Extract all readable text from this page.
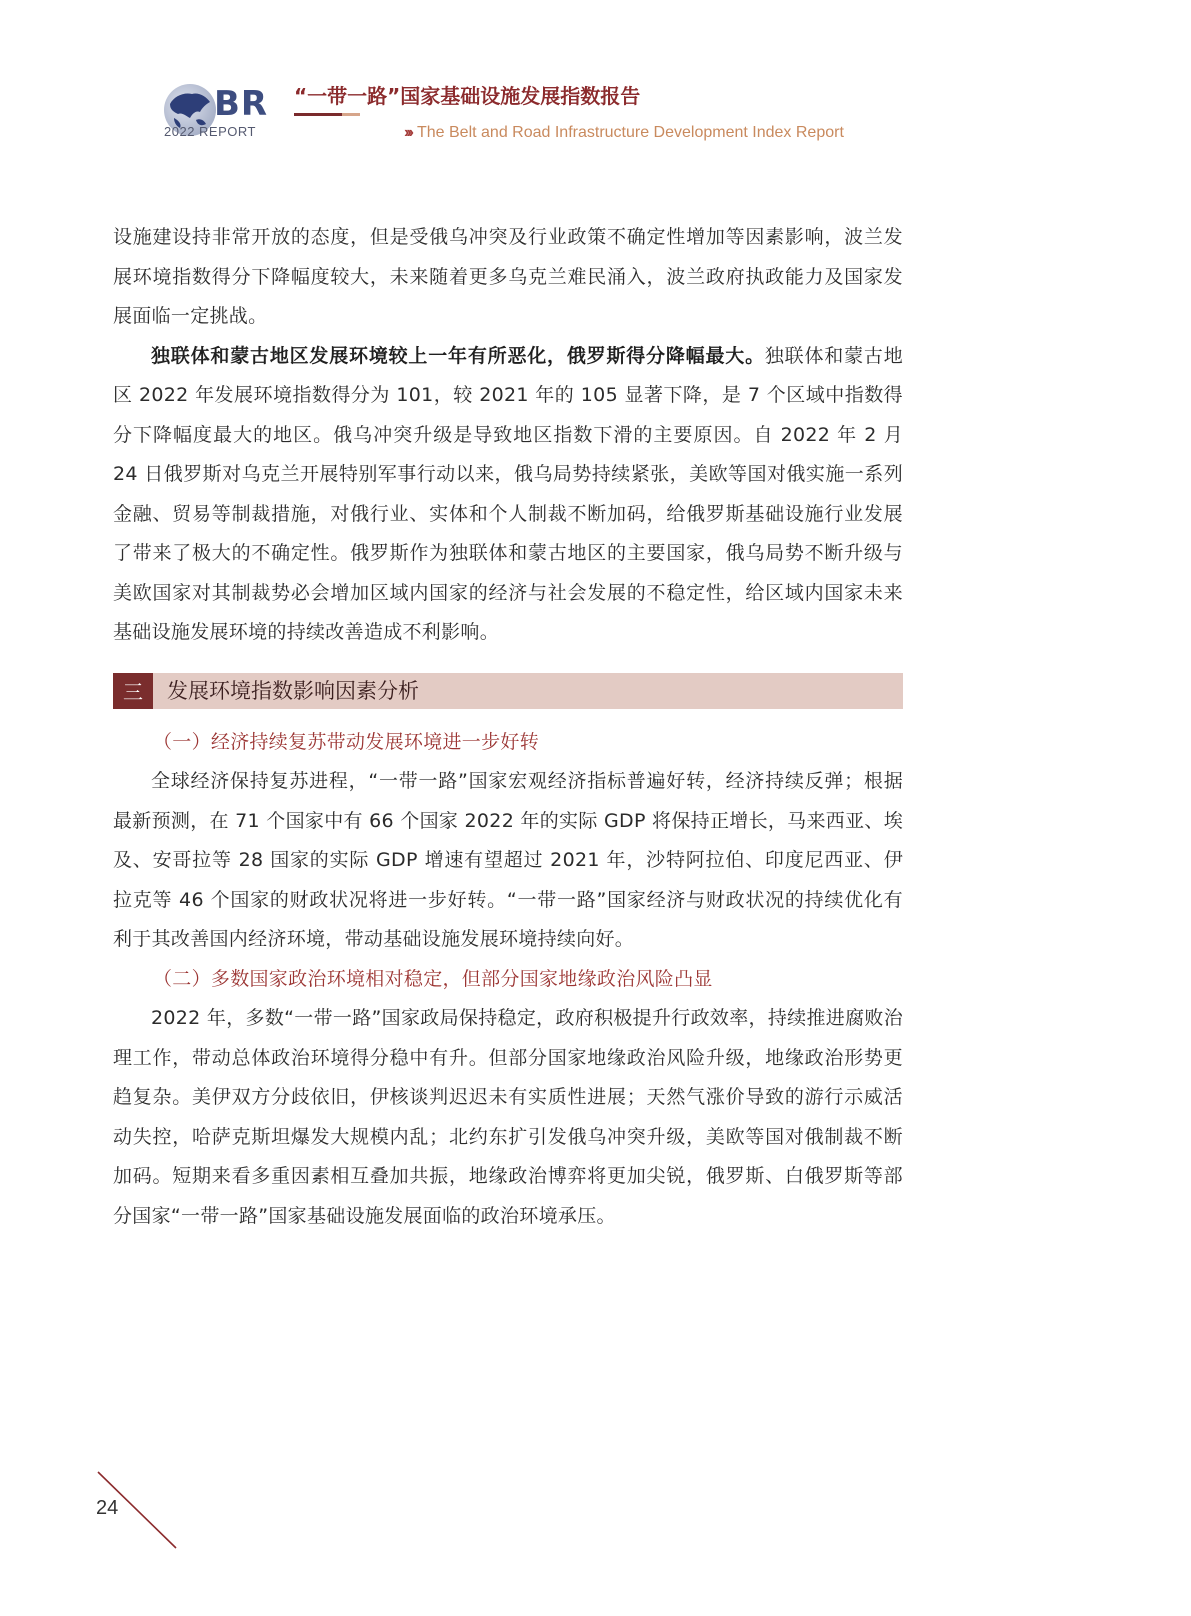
BR
2022 REPORT
“一带一路”国家基础设施发展指数报告
››› The Belt and Road Infrastructure Development Index Report

设施建设持非常开放的态度，但是受俄乌冲突及行业政策不确定性增加等因素影响，波兰发展环境指数得分下降幅度较大，未来随着更多乌克兰难民涌入，波兰政府执政能力及国家发展面临一定挑战。

独联体和蒙古地区发展环境较上一年有所恶化，俄罗斯得分降幅最大。独联体和蒙古地区 2022 年发展环境指数得分为 101，较 2021 年的 105 显著下降，是 7 个区域中指数得分下降幅度最大的地区。俄乌冲突升级是导致地区指数下滑的主要原因。自 2022 年 2 月 24 日俄罗斯对乌克兰开展特别军事行动以来，俄乌局势持续紧张，美欧等国对俄实施一系列金融、贸易等制裁措施，对俄行业、实体和个人制裁不断加码，给俄罗斯基础设施行业发展了带来了极大的不确定性。俄罗斯作为独联体和蒙古地区的主要国家，俄乌局势不断升级与美欧国家对其制裁势必会增加区域内国家的经济与社会发展的不稳定性，给区域内国家未来基础设施发展环境的持续改善造成不利影响。

三	发展环境指数影响因素分析

（一）经济持续复苏带动发展环境进一步好转

全球经济保持复苏进程，“一带一路”国家宏观经济指标普遍好转，经济持续反弹；根据最新预测，在 71 个国家中有 66 个国家 2022 年的实际 GDP 将保持正增长，马来西亚、埃及、安哥拉等 28 国家的实际 GDP 增速有望超过 2021 年，沙特阿拉伯、印度尼西亚、伊拉克等 46 个国家的财政状况将进一步好转。“一带一路”国家经济与财政状况的持续优化有利于其改善国内经济环境，带动基础设施发展环境持续向好。

（二）多数国家政治环境相对稳定，但部分国家地缘政治风险凸显

2022 年，多数“一带一路”国家政局保持稳定，政府积极提升行政效率，持续推进腐败治理工作，带动总体政治环境得分稳中有升。但部分国家地缘政治风险升级，地缘政治形势更趋复杂。美伊双方分歧依旧，伊核谈判迟迟未有实质性进展；天然气涨价导致的游行示威活动失控，哈萨克斯坦爆发大规模内乱；北约东扩引发俄乌冲突升级，美欧等国对俄制裁不断加码。短期来看多重因素相互叠加共振，地缘政治博弈将更加尖锐，俄罗斯、白俄罗斯等部分国家“一带一路”国家基础设施发展面临的政治环境承压。

24
